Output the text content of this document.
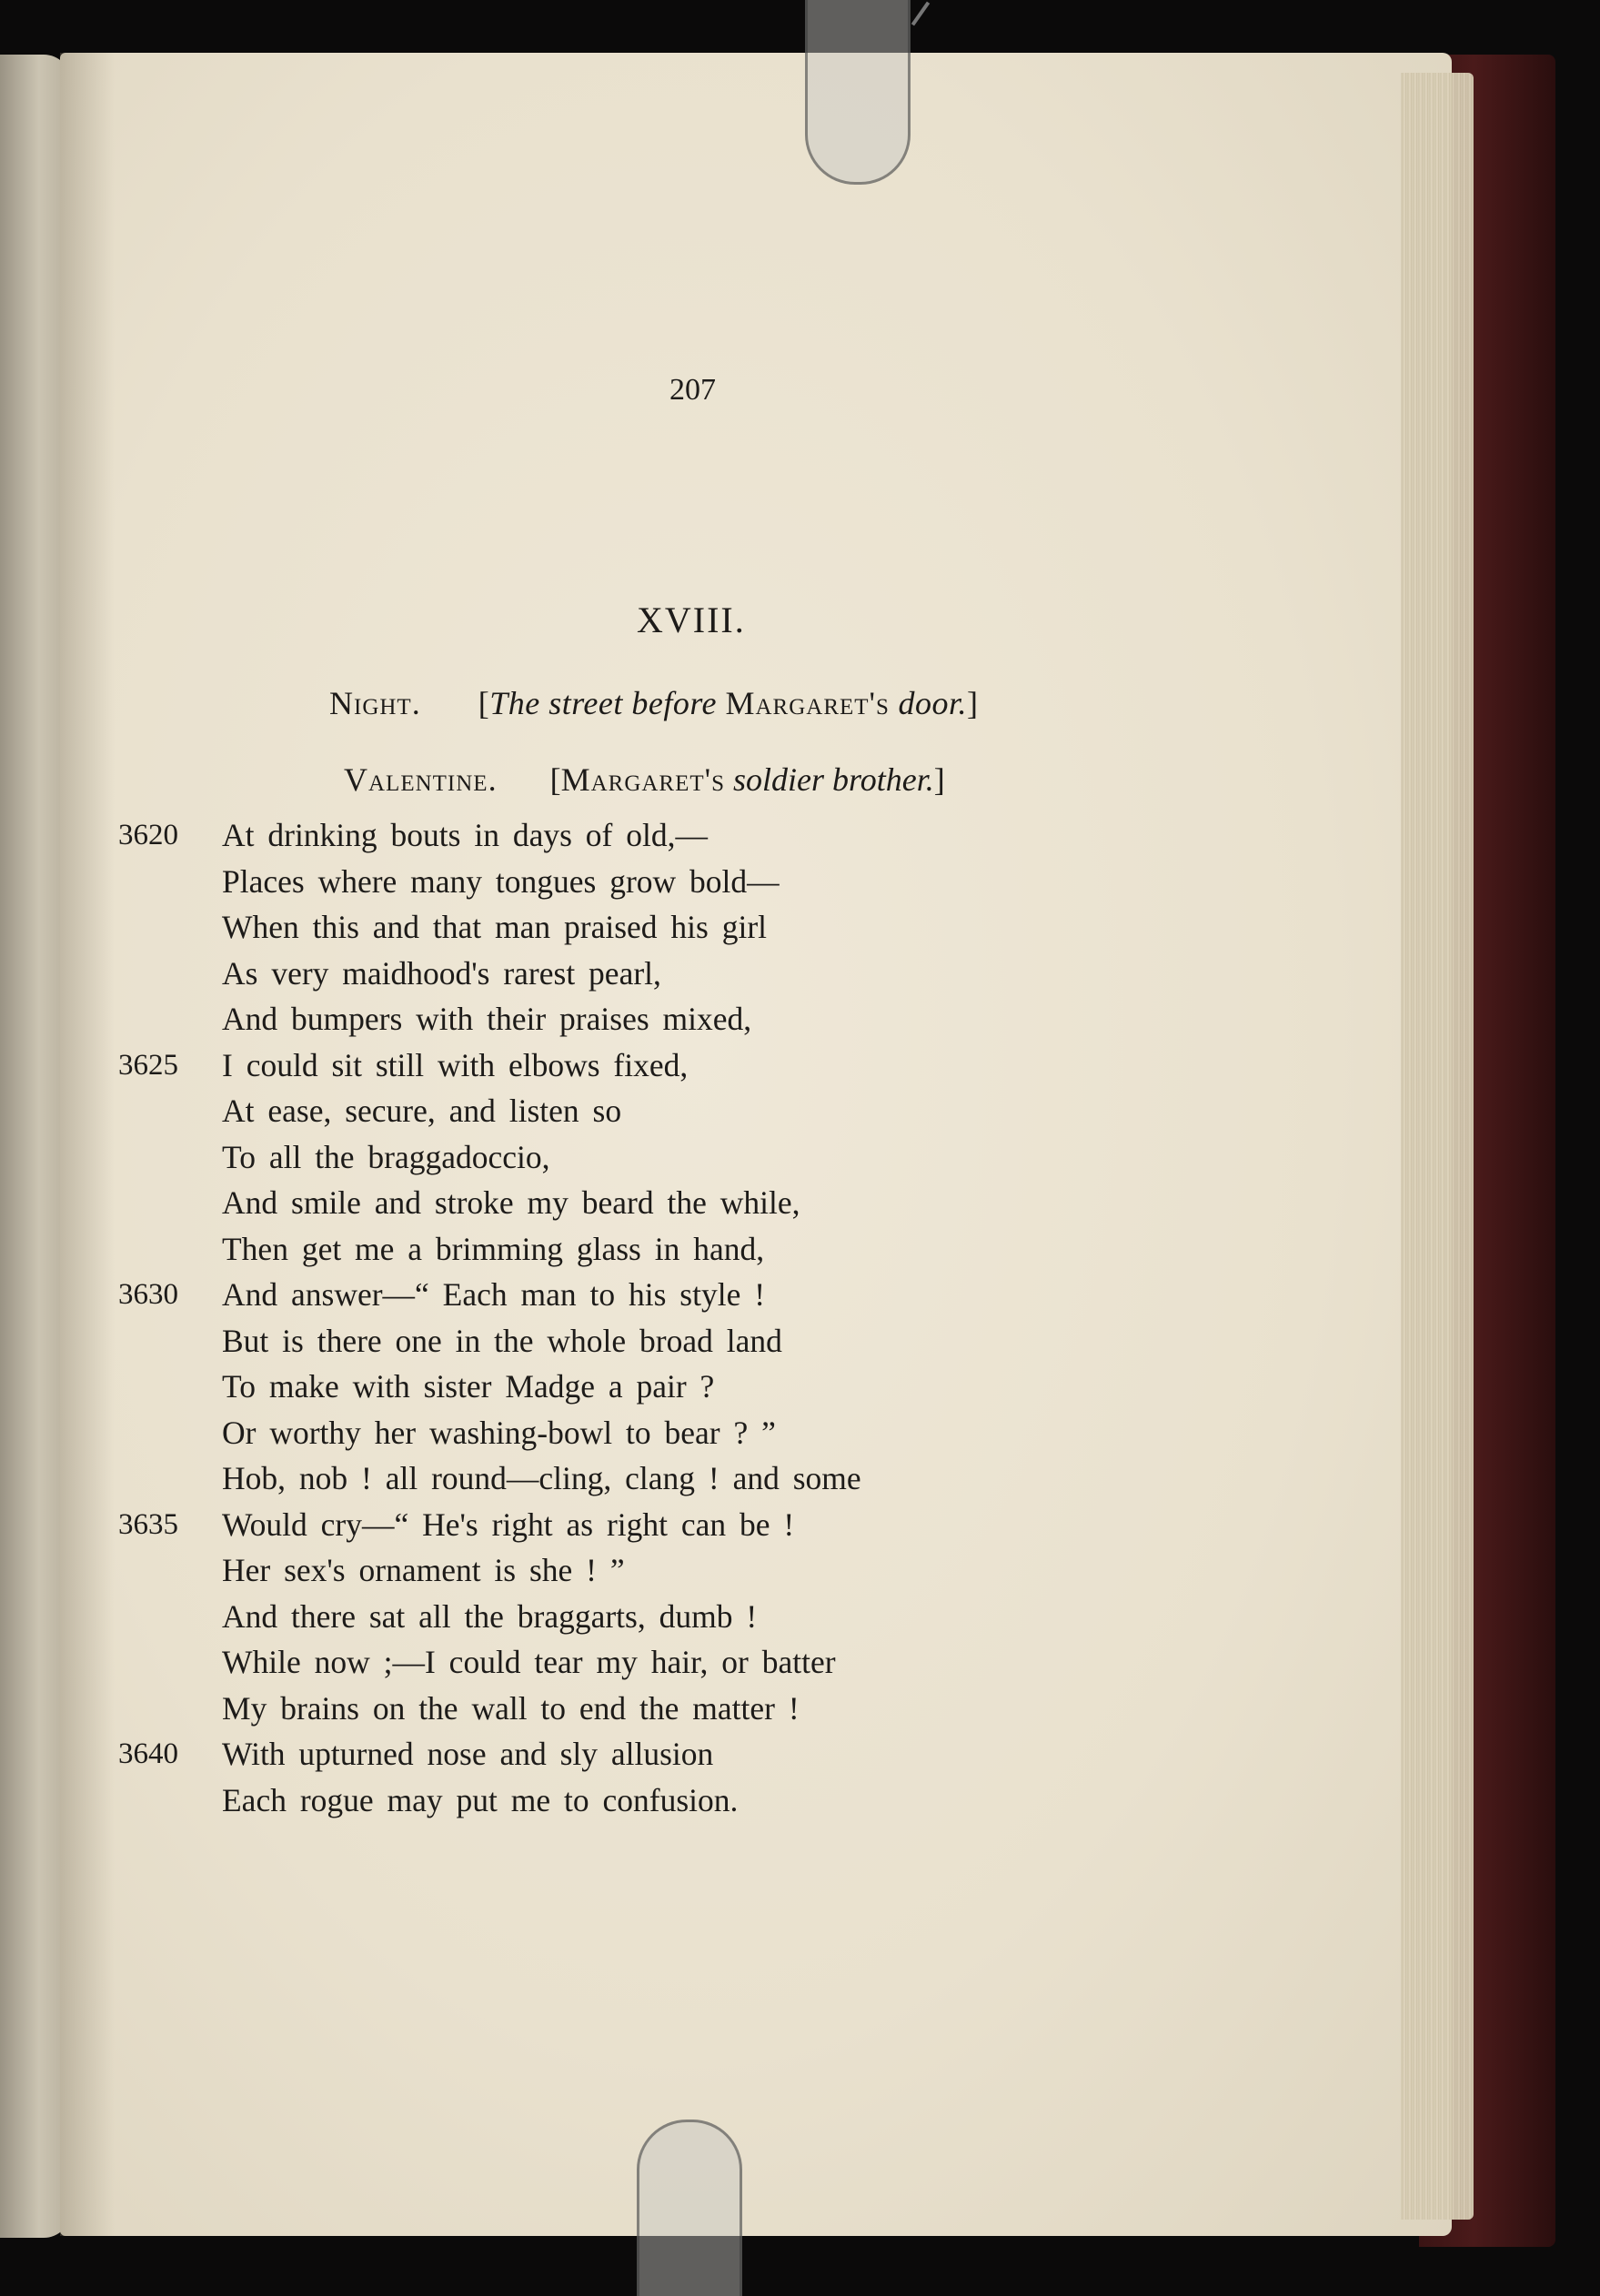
207
XVIII.
Night. [The street before Margaret's door.]
Valentine. [Margaret's soldier brother.]
3620	At drinking bouts in days of old,—
Places where many tongues grow bold—
When this and that man praised his girl
As very maidhood's rarest pearl,
And bumpers with their praises mixed,
3625	I could sit still with elbows fixed,
At ease, secure, and listen so
To all the braggadoccio,
And smile and stroke my beard the while,
Then get me a brimming glass in hand,
3630	And answer—“ Each man to his style !
But is there one in the whole broad land
To make with sister Madge a pair ?
Or worthy her washing-bowl to bear ? ”
Hob, nob ! all round—cling, clang ! and some
3635	Would cry—“ He's right as right can be !
Her sex's ornament is she ! ”
And there sat all the braggarts, dumb !
While now ;—I could tear my hair, or batter
My brains on the wall to end the matter !
3640	With upturned nose and sly allusion
Each rogue may put me to confusion.
